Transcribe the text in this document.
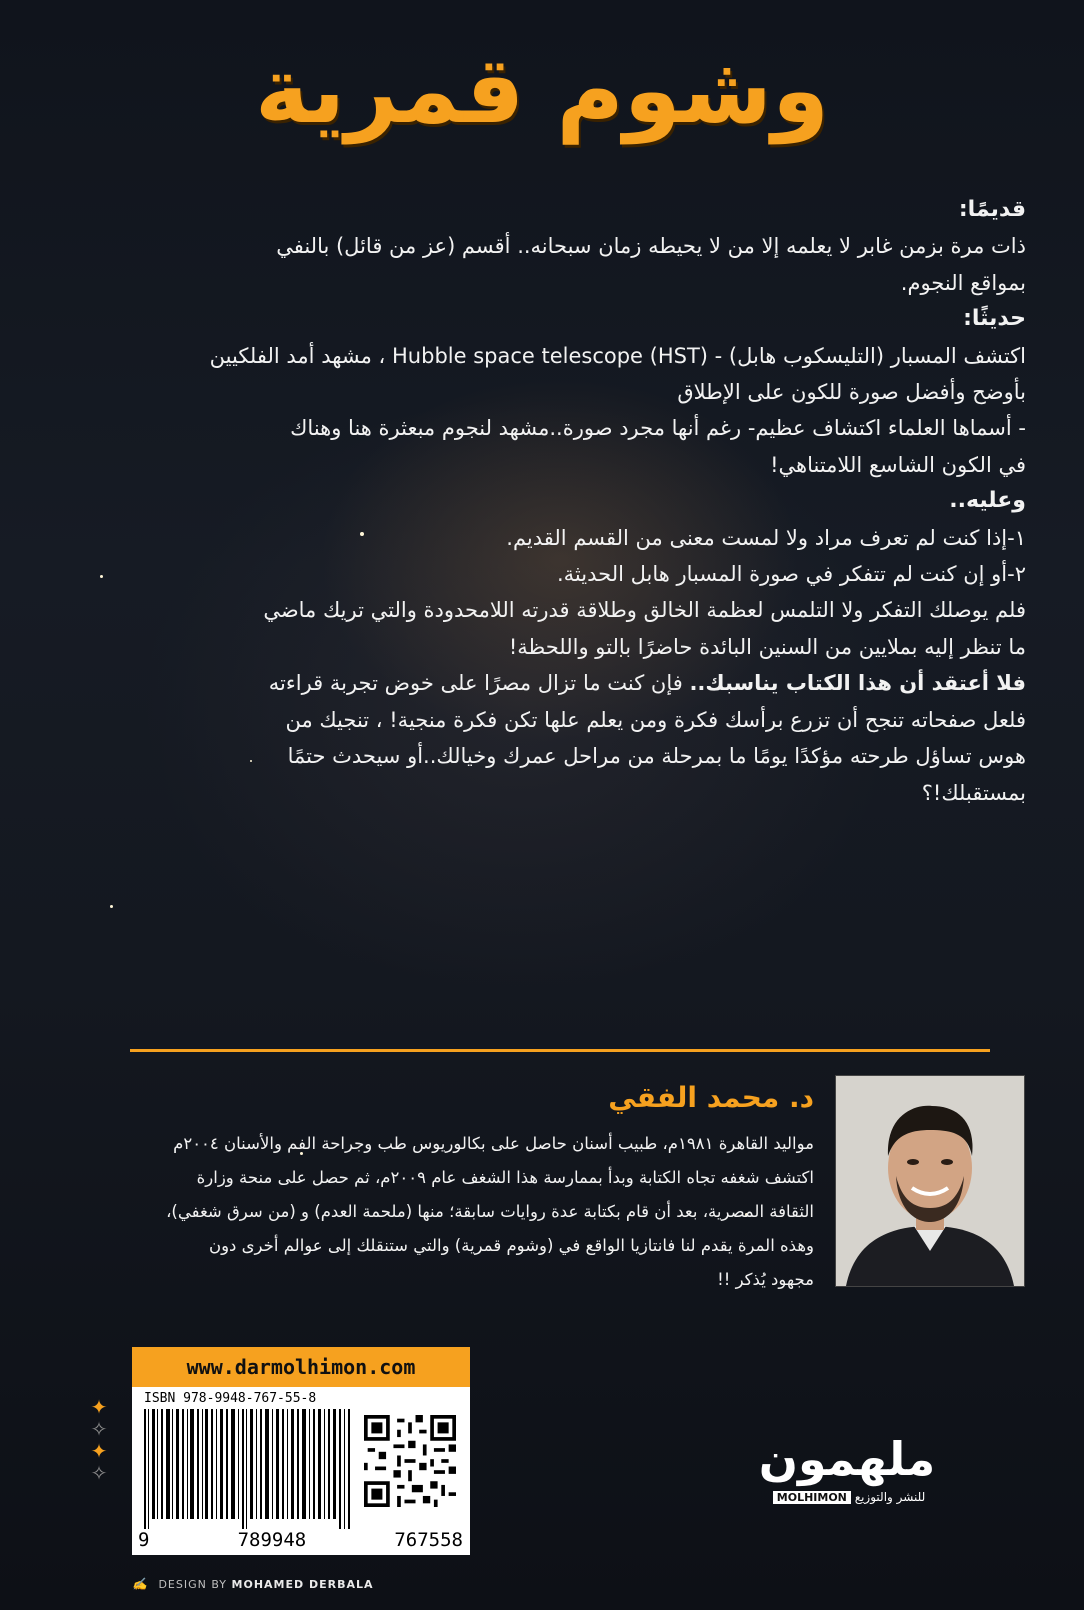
وشوم قمرية

قديمًا:

ذات مرة بزمن غابر لا يعلمه إلا من لا يحيطه زمان سبحانه.. أقسم (عز من قائل) بالنفي

بمواقع النجوم.

حديثًا:

اكتشف المسبار (التليسكوب هابل) - Hubble space telescope (HST) ، مشهد أمد الفلكيين

بأوضح وأفضل صورة للكون على الإطلاق

- أسماها العلماء اكتشاف عظيم- رغم أنها مجرد صورة..مشهد لنجوم مبعثرة هنا وهناك

في الكون الشاسع اللامتناهي!

وعليه..

١-إذا كنت لم تعرف مراد ولا لمست معنى من القسم القديم.

٢-أو إن كنت لم تتفكر في صورة المسبار هابل الحديثة.

فلم يوصلك التفكر ولا التلمس لعظمة الخالق وطلاقة قدرته اللامحدودة والتي تريك ماضي

ما تنظر إليه بملايين من السنين البائدة حاضرًا بالتو واللحظة!

فلا أعتقد أن هذا الكتاب يناسبك.. فإن كنت ما تزال مصرًا على خوض تجربة قراءته

فلعل صفحاته تنجح أن تزرع برأسك فكرة ومن يعلم علها تكن فكرة منجية! ، تنجيك من

هوس تساؤل طرحته مؤكدًا يومًا ما بمرحلة من مراحل عمرك وخيالك..أو سيحدث حتمًا

بمستقبلك!؟

د. محمد الفقي

مواليد القاهرة ١٩٨١م، طبيب أسنان حاصل على بكالوريوس طب وجراحة الفم والأسنان ٢٠٠٤م

اكتشف شغفه تجاه الكتابة وبدأ بممارسة هذا الشغف عام ٢٠٠٩م، ثم حصل على منحة وزارة

الثقافة المصرية، بعد أن قام بكتابة عدة روايات سابقة؛ منها (ملحمة العدم) و (من سرق شغفي)،

وهذه المرة يقدم لنا فانتازيا الواقع في (وشوم قمرية) والتي ستنقلك إلى عوالم أخرى دون

مجهود يُذكر !!

www.darmolhimon.com
ISBN 978-9948-767-55-8
9	789948	767558
✦
✧
✦
✧	ملهمون
للنشر والتوزيع MOLHIMON
✍ DESIGN BY MOHAMED DERBALA
